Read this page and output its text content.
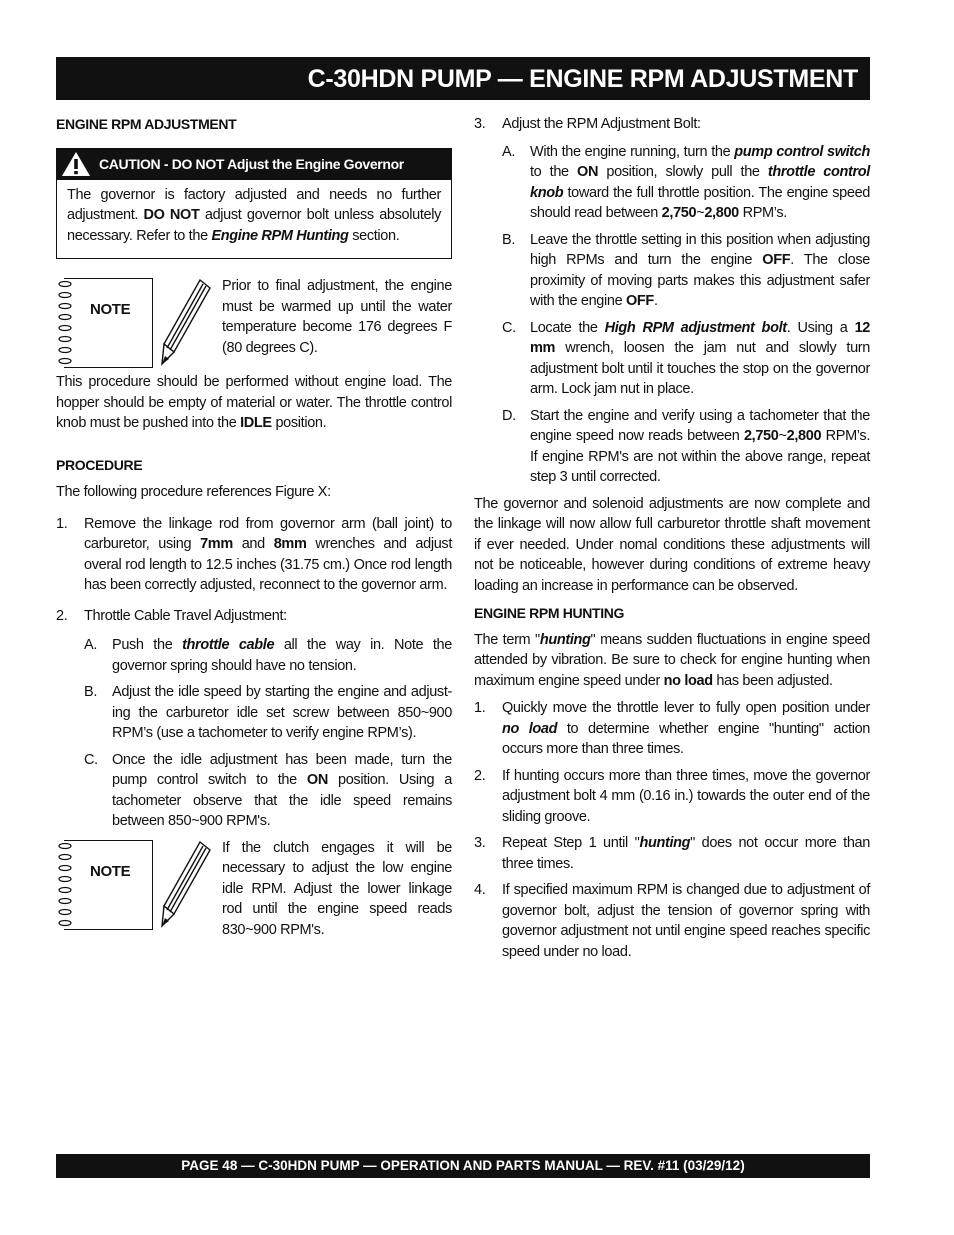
C-30HDN PUMP — ENGINE RPM ADJUSTMENT
ENGINE RPM ADJUSTMENT
CAUTION - DO NOT Adjust the Engine Governor
The governor is factory adjusted and needs no further adjustment. DO NOT adjust governor bolt unless absolutely necessary. Refer to the Engine RPM Hunting section.
NOTE
Prior to final adjustment, the engine must be warmed up until the water temperature become 176 degrees F (80 degrees C).

This procedure should be performed without engine load. The hopper should be empty of material or water. The throttle control knob must be pushed into the IDLE position.

PROCEDURE

The following procedure references Figure X:

1.	Remove the linkage rod from governor arm (ball joint) to carburetor, using 7mm and 8mm wrenches and adjust overal rod length to 12.5 inches (31.75 cm.) Once rod length has been correctly adjusted, reconnect to the governor arm.
2.	Throttle Cable Travel Adjustment:
A.	Push the throttle cable all the way in. Note the governor spring should have no tension.
B.	Adjust the idle speed by starting the engine and adjust-ing the carburetor idle set screw between 850~900 RPM’s (use a tachometer to verify engine RPM’s).
C. Once the idle adjustment has been made, turn the pump control switch to the ON position. Using a tachometer observe that the idle speed remains between 850~900 RPM's.
NOTE
If the clutch engages it will be necessary to adjust the low engine idle RPM. Adjust the lower linkage rod until the engine speed reads 830~900 RPM's.
3.	Adjust the RPM Adjustment Bolt:
A.	With the engine running, turn the pump control switch to the ON position, slowly pull the throttle control knob toward the full throttle position. The engine speed should read between 2,750~2,800 RPM’s.
B.	Leave the throttle setting in this position when adjusting high RPMs and turn the engine OFF. The close proximity of moving parts makes this adjustment safer with the engine OFF.
C. Locate the High RPM adjustment bolt. Using a 12 mm wrench, loosen the jam nut and slowly turn adjustment bolt until it touches the stop on the governor arm. Lock jam nut in place.
D. Start the engine and verify using a tachometer that the engine speed now reads between 2,750~2,800 RPM’s. If engine RPM's are not within the above range, repeat step 3 until corrected.

The governor and solenoid adjustments are now complete and the linkage will now allow full carburetor throttle shaft movement if ever needed. Under nomal conditions these adjustments will not be noticeable, however during conditions of extreme heavy loading an increase in performance can be observed.

ENGINE RPM HUNTING

The term "hunting" means sudden fluctuations in engine speed attended by vibration. Be sure to check for engine hunting when maximum engine speed under no load has been adjusted.

1.	Quickly move the throttle lever to fully open position under no load to determine whether engine "hunting" action occurs more than three times.
2.	If hunting occurs more than three times, move the governor adjustment bolt 4 mm (0.16 in.) towards the outer end of the sliding groove.
3.	Repeat Step 1 until "hunting" does not occur more than three times.
4.	If specified maximum RPM is changed due to adjustment of governor bolt, adjust the tension of governor spring with governor adjustment not until engine speed reaches specific speed under no load.
PAGE 48 — C-30HDN PUMP — OPERATION AND PARTS MANUAL — REV. #11 (03/29/12)
